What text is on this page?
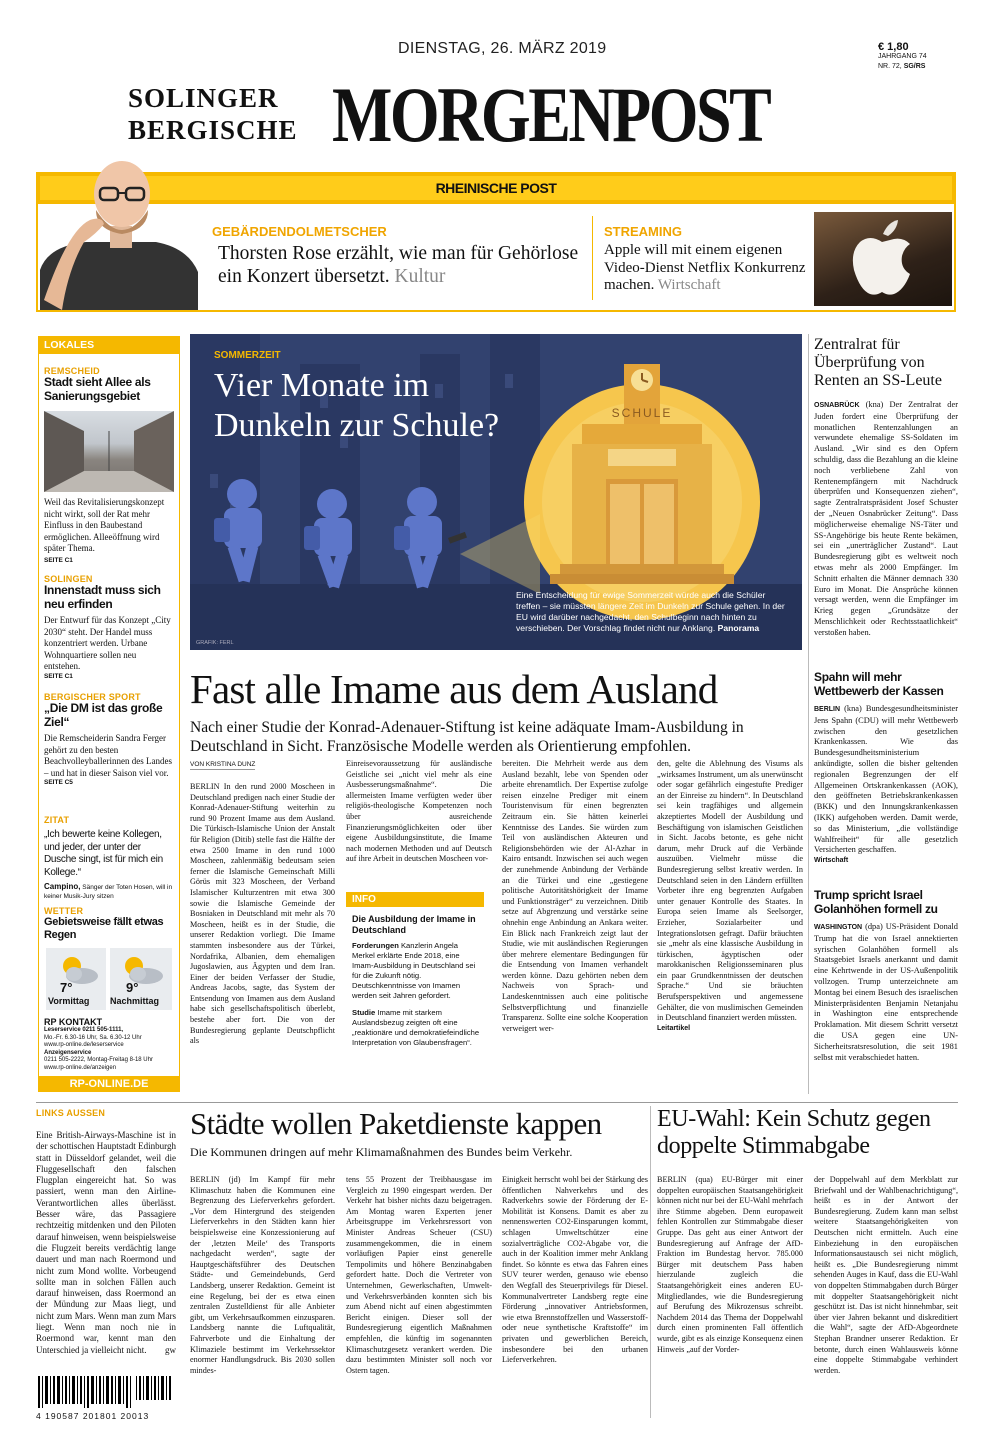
DIENSTAG, 26. MÄRZ 2019	€ 1,80
JAHRGANG 74
NR. 72, SG/RS
SOLINGER
BERGISCHE MORGENPOST
RHEINISCHE POST
GEBÄRDENDOLMETSCHER
Thorsten Rose erzählt, wie man für Gehörlose ein Konzert übersetzt. Kultur
STREAMING
Apple will mit einem eigenen Video-Dienst Netflix Konkurrenz machen. Wirtschaft
LOKALES
REMSCHEID
Stadt sieht Allee als Sanierungsgebiet
Weil das Revitalisierungskonzept nicht wirkt, soll der Rat mehr Einfluss in den Baubestand ermöglichen. Alleeöffnung wird später Thema.
SEITE C1
SOLINGEN
Innenstadt muss sich neu erfinden
Der Entwurf für das Konzept „City 2030“ steht. Der Handel muss konzentriert werden. Urbane Wohnquartiere sollen neu entstehen.
SEITE C1
BERGISCHER SPORT
„Die DM ist das große Ziel“
Die Remscheiderin Sandra Ferger gehört zu den besten Beachvolleyballerinnen des Landes – und hat in dieser Saison viel vor.
SEITE C5
ZITAT
„Ich bewerte keine Kollegen, und jeder, der unter der Dusche singt, ist für mich ein Kollege.“
Campino, Sänger der Toten Hosen, will in keiner Musik-Jury sitzen
WETTER
Gebietsweise fällt etwas Regen
7°
Vormittag
9°
Nachmittag
RP KONTAKT
Leserservice 0211 505-1111,
Mo.-Fr. 6.30-16 Uhr, Sa. 6.30-12 Uhr
www.rp-online.de/leserservice
Anzeigenservice
0211 505-2222, Montag-Freitag 8-18 Uhr
www.rp-online.de/anzeigen
RP-ONLINE.DE
SOMMERZEIT
Vier Monate im Dunkeln zur Schule?	SCHULE
Eine Entscheidung für ewige Sommerzeit würde auch die Schüler treffen – sie müssten längere Zeit im Dunkeln zur Schule gehen. In der EU wird darüber nachgedacht, den Schulbeginn nach hinten zu verschieben. Der Vorschlag findet nicht nur Anklang. Panorama
GRAFIK: FERL
Zentralrat für Überprüfung von Renten an SS-Leute
OSNABRÜCK (kna) Der Zentralrat der Juden fordert eine Überprüfung der monatlichen Rentenzahlungen an verwundete ehemalige SS-Soldaten im Ausland. „Wir sind es den Opfern schuldig, dass die Bezahlung an die kleine noch verbliebene Zahl von Rentenempfängern mit Nachdruck überprüfen und Konsequenzen ziehen“, sagte Zentralratspräsident Josef Schuster der „Neuen Osnabrücker Zeitung“. Dass möglicherweise ehemalige NS-Täter und SS-Angehörige bis heute Rente bekämen, sei ein „unerträglicher Zustand“. Laut Bundesregierung gibt es weltweit noch etwas mehr als 2000 Empfänger. Im Schnitt erhalten die Männer demnach 330 Euro im Monat. Die Ansprüche können versagt werden, wenn die Empfänger im Krieg gegen „Grundsätze der Menschlichkeit oder Rechtsstaatlichkeit“ verstoßen haben.
Spahn will mehr Wettbewerb der Kassen
BERLIN (kna) Bundesgesundheitsminister Jens Spahn (CDU) will mehr Wettbewerb zwischen den gesetzlichen Krankenkassen. Wie das Bundesgesundheitsministerium ankündigte, sollen die bisher geltenden regionalen Begrenzungen der elf Allgemeinen Ortskrankenkassen (AOK), den geöffneten Betriebskrankenkassen (BKK) und den Innungskrankenkassen (IKK) aufgehoben werden. Damit werde, so das Ministerium, „die vollständige Wahlfreiheit“ für alle gesetzlich Versicherten geschaffen.
Wirtschaft
Trump spricht Israel Golanhöhen formell zu
WASHINGTON (dpa) US-Präsident Donald Trump hat die von Israel annektierten syrischen Golanhöhen formell als Staatsgebiet Israels anerkannt und damit eine Kehrtwende in der US-Außenpolitik vollzogen. Trump unterzeichnete am Montag bei einem Besuch des israelischen Ministerpräsidenten Benjamin Netanjahu in Washington eine entsprechende Proklamation. Mit diesem Schritt versetzt die USA gegen eine UN-Sicherheitsratsresolution, die seit 1981 selbst mit verabschiedet hatten.
Fast alle Imame aus dem Ausland
Nach einer Studie der Konrad-Adenauer-Stiftung ist keine adäquate Imam-Ausbildung in Deutschland in Sicht. Französische Modelle werden als Orientierung empfohlen.
VON KRISTINA DUNZ
BERLIN In den rund 2000 Moscheen in Deutschland predigen nach einer Studie der Konrad-Adenauer-Stiftung weiterhin zu rund 90 Prozent Imame aus dem Ausland. Die Türkisch-Islamische Union der Anstalt für Religion (Ditib) stelle fast die Hälfte der etwa 2500 Imame in den rund 1000 Moscheen, zahlenmäßig bedeutsam seien ferner die Islamische Gemeinschaft Milli Görüs mit 323 Moscheen, der Verband Islamischer Kulturzentren mit etwa 300 sowie die Islamische Gemeinde der Bosniaken in Deutschland mit mehr als 70 Moscheen, heißt es in der Studie, die unserer Redaktion vorliegt. Die Imame stammten insbesondere aus der Türkei, Nordafrika, Albanien, dem ehemaligen Jugoslawien, aus Ägypten und dem Iran. Einer der beiden Verfasser der Studie, Andreas Jacobs, sagte, das System der Entsendung von Imamen aus dem Ausland habe sich gesellschaftspolitisch überlebt, bestehe aber fort. Die von der Bundesregierung geplante Deutschpflicht als
Einreisevoraussetzung für ausländische Geistliche sei „nicht viel mehr als eine Ausbesserungsmaßnahme“. Die allermeisten Imame verfügten weder über religiös-theologische Kompetenzen noch über ausreichende Finanzierungsmöglichkeiten oder über eigene Ausbildungsinstitute, die Imame nach modernen Methoden und auf Deutsch auf ihre Arbeit in deutschen Moscheen vor-
INFO
Die Ausbildung der Imame in Deutschland
Forderungen Kanzlerin Angela Merkel erklärte Ende 2018, eine Imam-Ausbildung in Deutschland sei für die Zukunft nötig. Deutschkenntnisse von Imamen werden seit Jahren gefordert.
Studie Imame mit starkem Auslandsbezug zeigten oft eine „reaktionäre und demokratiefeindliche Interpretation von Glaubensfragen“.
bereiten. Die Mehrheit werde aus dem Ausland bezahlt, lebe von Spenden oder arbeite ehrenamtlich. Der Expertise zufolge reisen einzelne Prediger mit einem Touristenvisum für einen begrenzten Zeitraum ein. Sie hätten keinerlei Kenntnisse des Landes. Sie würden zum Teil von ausländischen Akteuren und Religionsbehörden wie der Al-Azhar in Kairo entsandt. Inzwischen sei auch wegen der zunehmende Anbindung der Verbände an die Türkei und eine „gestiegene politische Autoritätshörigkeit der Imame und Funktionsträger“ zu verzeichnen. Ditib setze auf Abgrenzung und verstärke seine ohnehin enge Anbindung an Ankara weiter. Ein Blick nach Frankreich zeigt laut der Studie, wie mit ausländischen Regierungen über mehrere elementare Bedingungen für die Entsendung von Imamen verhandelt werden könne. Dazu gehörten neben dem Nachweis von Sprach- und Landeskenntnissen auch eine politische Selbstverpflichtung und finanzielle Transparenz. Sollte eine solche Kooperation verweigert wer-
den, gelte die Ablehnung des Visums als „wirksames Instrument, um als unerwünscht oder sogar gefährlich eingestufte Prediger an der Einreise zu hindern“. In Deutschland sei kein tragfähiges und allgemein akzeptiertes Modell der Ausbildung und Beschäftigung von islamischen Geistlichen in Sicht. Jacobs betonte, es gehe nicht darum, mehr Druck auf die Verbände auszuüben. Vielmehr müsse die Bundesregierung selbst kreativ werden. In Deutschland seien in den Ländern erfüllten Vorbeter ihre eng begrenzten Aufgaben unter genauer Kontrolle des Staates. In Europa seien Imame als Seelsorger, Erzieher, Sozialarbeiter und Integrationslotsen gefragt. Dafür bräuchten sie „mehr als eine klassische Ausbildung in türkischen, ägyptischen oder marokkanischen Religionsseminaren plus ein paar Grundkenntnissen der deutschen Sprache.“ Und sie bräuchten Berufsperspektiven und angemessene Gehälter, die von muslimischen Gemeinden in Deutschland finanziert werden müssten.
Leitartikel
LINKS AUSSEN
Eine British-Airways-Maschine ist in der schottischen Hauptstadt Edinburgh statt in Düsseldorf gelandet, weil die Fluggesellschaft den falschen Flugplan eingereicht hat. So was passiert, wenn man den Airline-Verantwortlichen alles überlässt. Besser wäre, das Passagiere rechtzeitig mitdenken und den Piloten darauf hinweisen, wenn beispielsweise die Flugzeit bereits verdächtig lange dauert und man nach Roermond und nicht zum Mond wollte. Vorbeugend sollte man in solchen Fällen auch darauf hinweisen, dass Roermond an der Mündung zur Maas liegt, und nicht zum Mars. Wenn man zum Mars liegt. Wenn man noch nie in Roermond war, kennt man den Unterschied ja vielleicht nicht.	gw
4 190587 201801 20013
Städte wollen Paketdienste kappen
Die Kommunen dringen auf mehr Klimamaßnahmen des Bundes beim Verkehr.
BERLIN (jd) Im Kampf für mehr Klimaschutz haben die Kommunen eine Begrenzung des Lieferverkehrs gefordert. „Vor dem Hintergrund des steigenden Lieferverkehrs in den Städten kann hier beispielsweise eine Konzessionierung auf der ‚letzten Meile‘ des Transports nachgedacht werden“, sagte der Hauptgeschäftsführer des Deutschen Städte- und Gemeindebunds, Gerd Landsberg, unserer Redaktion. Gemeint ist eine Regelung, bei der es etwa einen zentralen Zustelldienst für alle Anbieter gibt, um Verkehrsaufkommen einzusparen. Landsberg nannte die Luftqualität, Fahrverbote und die Einhaltung der Klimaziele bestimmt im Verkehrssektor enormer Handlungsdruck. Bis 2030 sollen mindes-
tens 55 Prozent der Treibhausgase im Vergleich zu 1990 eingespart werden. Der Verkehr hat bisher nichts dazu beigetragen. Am Montag waren Experten jener Arbeitsgruppe im Verkehrsressort von Minister Andreas Scheuer (CSU) zusammengekommen, die in einem vorläufigen Papier einst generelle Tempolimits und höhere Benzinabgaben gefordert hatte. Doch die Vertreter von Unternehmen, Gewerkschaften, Umwelt- und Verkehrsverbänden konnten sich bis zum Abend nicht auf einen abgestimmten Bericht einigen. Dieser soll der Bundesregierung eigentlich Maßnahmen empfehlen, die künftig im sogenannten Klimaschutzgesetz verankert werden. Die dazu bestimmten Minister soll noch vor Ostern tagen.
Einigkeit herrscht wohl bei der Stärkung des öffentlichen Nahverkehrs und des Radverkehrs sowie der Förderung der E-Mobilität ist Konsens. Damit es aber zu nennenswerten CO2-Einsparungen kommt, schlagen Umweltschützer eine sozialverträgliche CO2-Abgabe vor, die auch in der Koalition immer mehr Anklang findet. So könnte es etwa das Fahren eines SUV teurer werden, genauso wie ebenso den Wegfall des Steuerprivilegs für Diesel. Kommunalvertreter Landsberg regte eine Förderung „innovativer Antriebsformen, wie etwa Brennstoffzellen und Wasserstoff- oder neue synthetische Kraftstoffe“ im privaten und gewerblichen Bereich, insbesondere bei den urbanen Lieferverkehren.
EU-Wahl: Kein Schutz gegen doppelte Stimmabgabe
BERLIN (qua) EU-Bürger mit einer doppelten europäischen Staatsangehörigkeit können nicht nur bei der EU-Wahl mehrfach ihre Stimme abgeben. Denn europaweit fehlen Kontrollen zur Stimmabgabe dieser Gruppe. Das geht aus einer Antwort der Bundesregierung auf Anfrage der AfD-Fraktion im Bundestag hervor. 785.000 Bürger mit deutschem Pass haben hierzulande zugleich die Staatsangehörigkeit eines anderen EU-Mitgliedlandes, wie die Bundesregierung auf Berufung des Mikrozensus schreibt. Nachdem 2014 das Thema der Doppelwahl durch einen prominenten Fall öffentlich wurde, gibt es als einzige Konsequenz einen Hinweis „auf der Vorder-
der Doppelwahl auf dem Merkblatt zur Briefwahl und der Wahlbenachrichtigung“, heißt es in der Antwort der Bundesregierung. Zudem kann man selbst weitere Staatsangehörigkeiten von Deutschen nicht ermitteln. Auch eine Einbeziehung in den europäischen Informationsaustausch sei nicht möglich, heißt es. „Die Bundesregierung nimmt sehenden Auges in Kauf, dass die EU-Wahl von doppelten Stimmabgaben durch Bürger mit doppelter Staatsangehörigkeit nicht geschützt ist. Das ist nicht hinnehmbar, seit über vier Jahren bekannt und diskreditiert die Wahl“, sagte der AfD-Abgeordnete Stephan Brandner unserer Redaktion. Er betonte, durch einen Wahlausweis könne eine doppelte Stimmabgabe verhindert werden.
